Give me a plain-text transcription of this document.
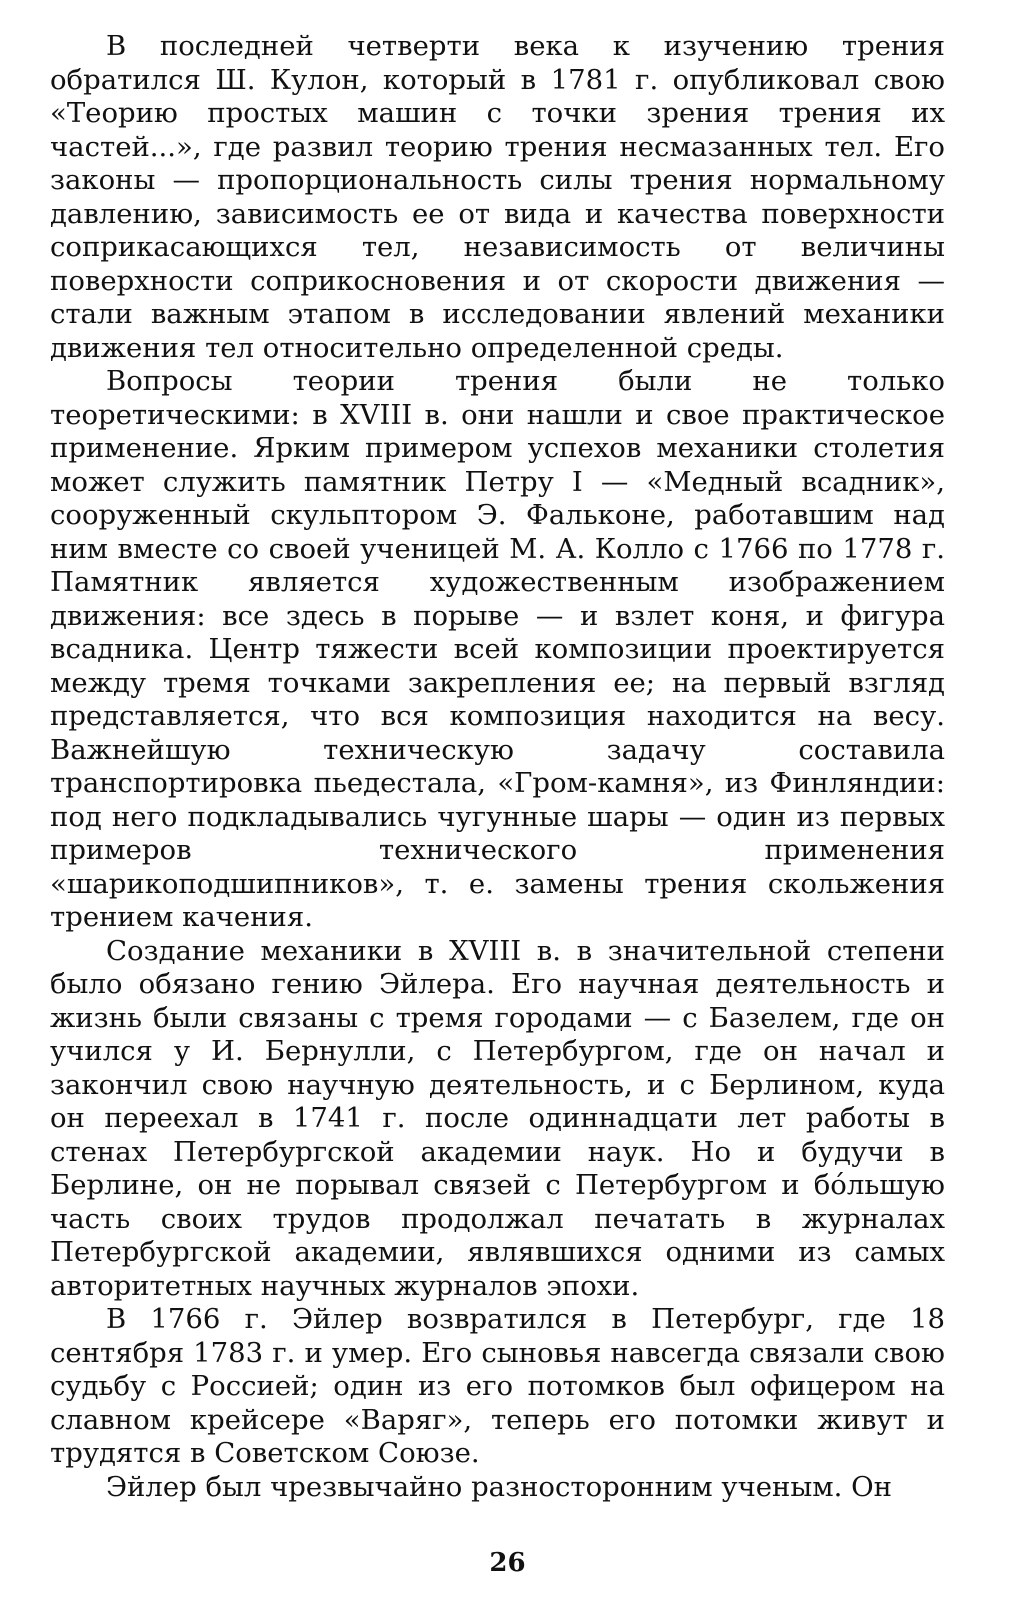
В последней четверти века к изучению трения обратился Ш. Кулон, который в 1781 г. опубликовал свою «Теорию простых машин с точки зрения трения их частей...», где развил теорию трения несмазанных тел. Его законы — пропорциональность силы трения нормальному давлению, зависимость ее от вида и качества поверхности соприкасающихся тел, независимость от величины поверхности соприкосновения и от скорости движения — стали важным этапом в исследовании явлений механики движения тел относительно определенной среды.

Вопросы теории трения были не только теоретическими: в XVIII в. они нашли и свое практическое применение. Ярким примером успехов механики столетия может служить памятник Петру I — «Медный всадник», сооруженный скульптором Э. Фальконе, работавшим над ним вместе со своей ученицей М. А. Колло с 1766 по 1778 г. Памятник является художественным изображением движения: все здесь в порыве — и взлет коня, и фигура всадника. Центр тяжести всей композиции проектируется между тремя точками закрепления ее; на первый взгляд представляется, что вся композиция находится на весу. Важнейшую техническую задачу составила транспортировка пьедестала, «Гром-камня», из Финляндии: под него подкладывались чугунные шары — один из первых примеров технического применения «шарикоподшипников», т. е. замены трения скольжения трением качения.

Создание механики в XVIII в. в значительной степени было обязано гению Эйлера. Его научная деятельность и жизнь были связаны с тремя городами — с Базелем, где он учился у И. Бернулли, с Петербургом, где он начал и закончил свою научную деятельность, и с Берлином, куда он переехал в 1741 г. после одиннадцати лет работы в стенах Петербургской академии наук. Но и будучи в Берлине, он не порывал связей с Петербургом и бо́льшую часть своих трудов продолжал печатать в журналах Петербургской академии, являвшихся одними из самых авторитетных научных журналов эпохи.

В 1766 г. Эйлер возвратился в Петербург, где 18 сентября 1783 г. и умер. Его сыновья навсегда связали свою судьбу с Россией; один из его потомков был офицером на славном крейсере «Варяг», теперь его потомки живут и трудятся в Советском Союзе.

Эйлер был чрезвычайно разносторонним ученым. Он

26
